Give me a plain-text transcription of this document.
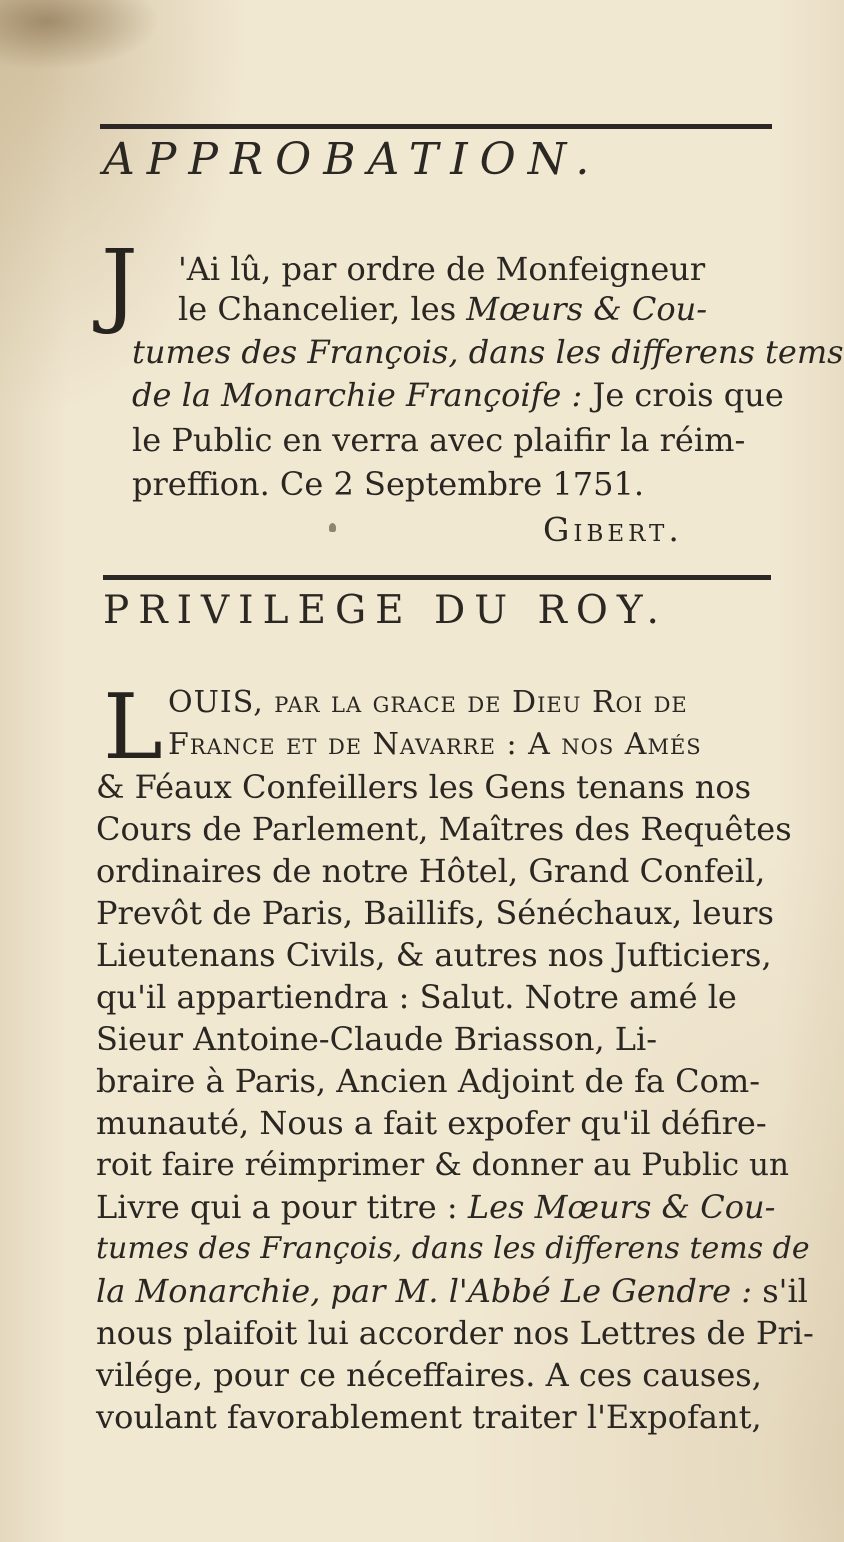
APPROBATION.
J 'Ai lû, par ordre de Monfeigneur
le Chancelier, les Mœurs & Cou-
tumes des François, dans les differens tems
de la Monarchie Françoife : Je crois que
le Public en verra avec plaifir la réim-
preffion. Ce 2 Septembre 1751.
Gibert.
PRIVILEGE DU ROY.
L OUIS, par la grace de Dieu Roi de
France et de Navarre : A nos Amés
& Féaux Confeillers les Gens tenans nos
Cours de Parlement, Maîtres des Requêtes
ordinaires de notre Hôtel, Grand Confeil,
Prevôt de Paris, Baillifs, Sénéchaux, leurs
Lieutenans Civils, & autres nos Jufticiers,
qu'il appartiendra : Salut. Notre amé le
Sieur Antoine-Claude Briasson, Li-
braire à Paris, Ancien Adjoint de fa Com-
munauté, Nous a fait expofer qu'il défire-
roit faire réimprimer & donner au Public un
Livre qui a pour titre : Les Mœurs & Cou-
tumes des François, dans les differens tems de
la Monarchie, par M. l'Abbé Le Gendre : s'il
nous plaifoit lui accorder nos Lettres de Pri-
vilége, pour ce néceffaires. A ces causes,
voulant favorablement traiter l'Expofant,
